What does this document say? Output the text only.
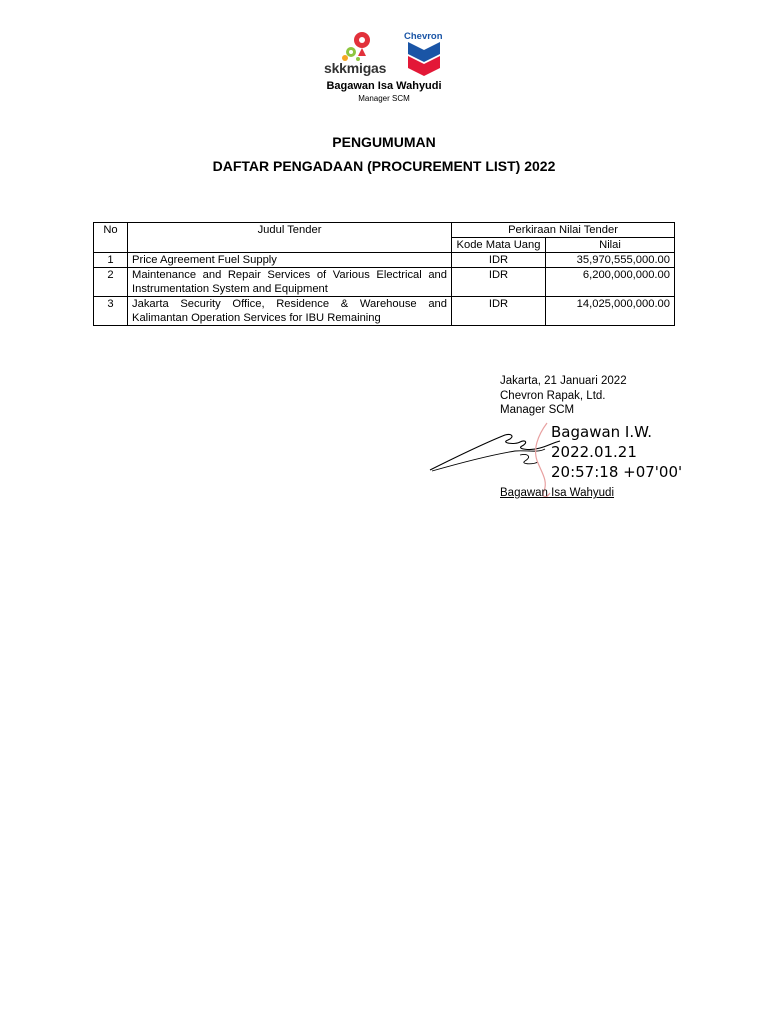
skkmigas
Chevron
Bagawan Isa Wahyudi
Manager SCM
PENGUMUMAN
DAFTAR PENGADAAN (PROCUREMENT LIST) 2022
No	Judul Tender	Perkiraan Nilai Tender	
		Kode Mata Uang	Nilai
1	Price Agreement Fuel Supply	IDR	35,970,555,000.00
2	Maintenance and Repair Services of Various Electrical and Instrumentation System and Equipment	IDR	6,200,000,000.00
3	Jakarta Security Office, Residence & Warehouse and Kalimantan Operation Services for IBU Remaining	IDR	14,025,000,000.00
Jakarta, 21 Januari 2022
Chevron Rapak, Ltd.
Manager SCM
Bagawan I.W.
2022.01.21
20:57:18 +07'00'
Bagawan Isa Wahyudi
